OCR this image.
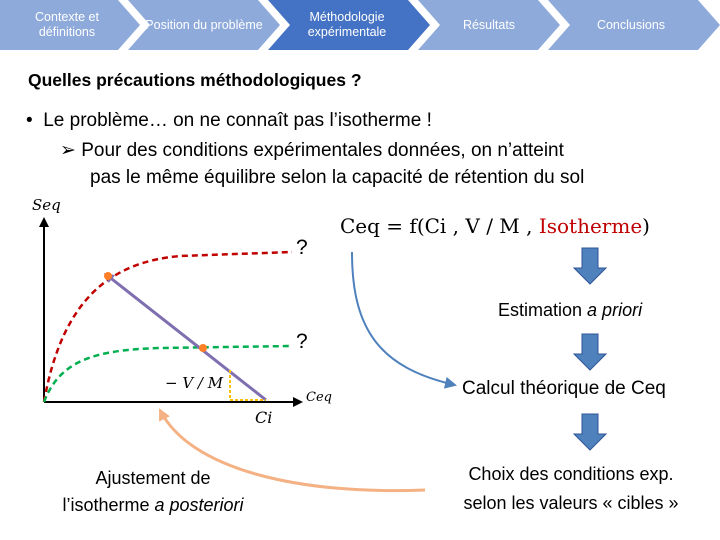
Contexte et définitions
Position du problème
Méthodologie expérimentale
Résultats	Conclusions
Quelles précautions méthodologiques ?
•  Le problème… on ne connaît pas l’isotherme !
➢ Pour des conditions expérimentales données, on n’atteint
pas le même équilibre selon la capacité de rétention du sol
Seq
Ceq
− V / M
Ci
?
?
Ceq = f(Ci , V / M , Isotherme)
Estimation a priori
Calcul théorique de Ceq
Choix des conditions exp.
selon les valeurs « cibles »
Ajustement de
l’isotherme a posteriori
